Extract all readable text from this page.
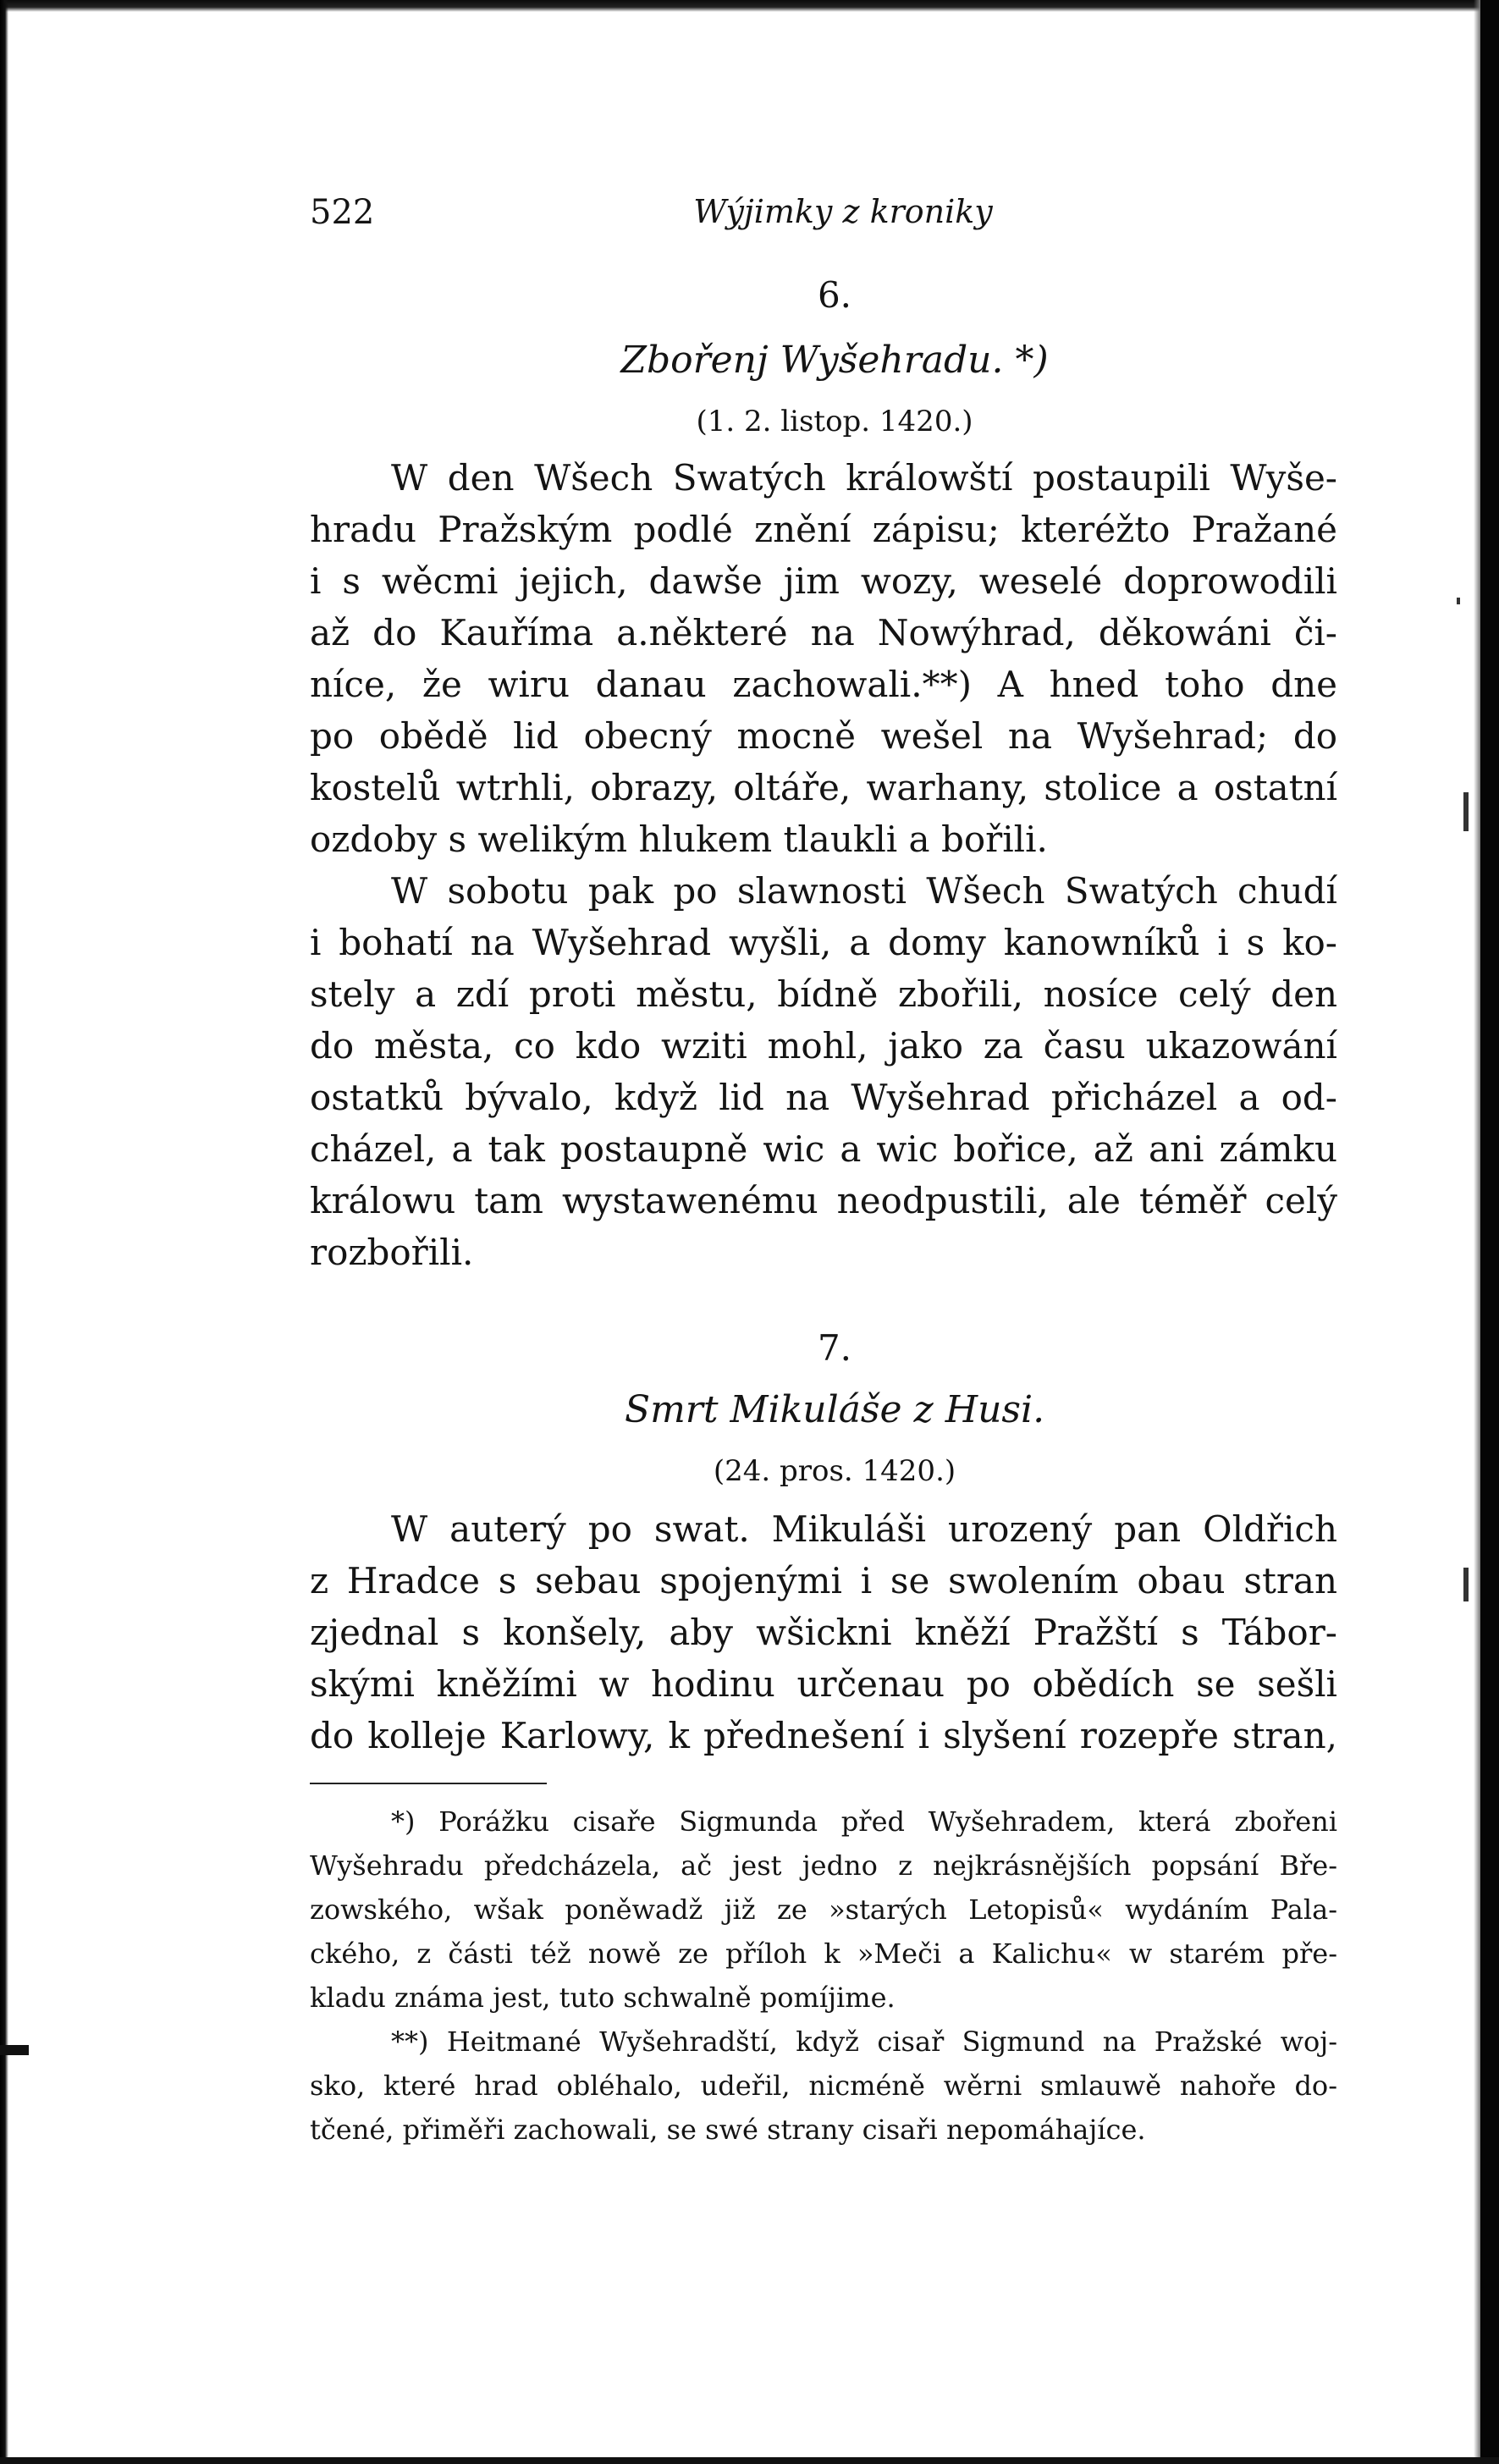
522	Wýjimky z kroniky
6.
Zbořenj Wyšehradu. *)
(1. 2. listop. 1420.)
W den Wšech Swatých králowští postaupili Wyše-
hradu Pražským podlé znění zápisu; kteréžto Pražané
i s wěcmi jejich, dawše jim wozy, weselé doprowodili
až do Kauříma a.některé na Nowýhrad, děkowáni či-
níce, že wiru danau zachowali.**) A hned toho dne
po obědě lid obecný mocně wešel na Wyšehrad; do
kostelů wtrhli, obrazy, oltáře, warhany, stolice a ostatní
ozdoby s welikým hlukem tlaukli a bořili.
W sobotu pak po slawnosti Wšech Swatých chudí
i bohatí na Wyšehrad wyšli, a domy kanowníků i s ko-
stely a zdí proti městu, bídně zbořili, nosíce celý den
do města, co kdo wziti mohl, jako za času ukazowání
ostatků bývalo, když lid na Wyšehrad přicházel a od-
cházel, a tak postaupně wic a wic bořice, až ani zámku
králowu tam wystawenému neodpustili, ale téměř celý
rozbořili.
7.
Smrt Mikuláše z Husi.
(24. pros. 1420.)
W auterý po swat. Mikuláši urozený pan Oldřich
z Hradce s sebau spojenými i se swolením obau stran
zjednal s konšely, aby wšickni kněží Pražští s Tábor-
skými kněžími w hodinu určenau po obědích se sešli
do kolleje Karlowy, k přednešení i slyšení rozepře stran,
*) Porážku cisaře Sigmunda před Wyšehradem, která zbořeni
Wyšehradu předcházela, ač jest jedno z nejkrásnějších popsání Bře-
zowského, wšak poněwadž již ze »starých Letopisů« wydáním Pala-
ckého, z části též nowě ze příloh k »Meči a Kalichu« w starém pře-
kladu známa jest, tuto schwalně pomíjime.
**) Heitmané Wyšehradští, když cisař Sigmund na Pražské woj-
sko, které hrad obléhalo, udeřil, nicméně wěrni smlauwě nahoře do-
tčené, přiměři zachowali, se swé strany cisaři nepomáhajíce.
